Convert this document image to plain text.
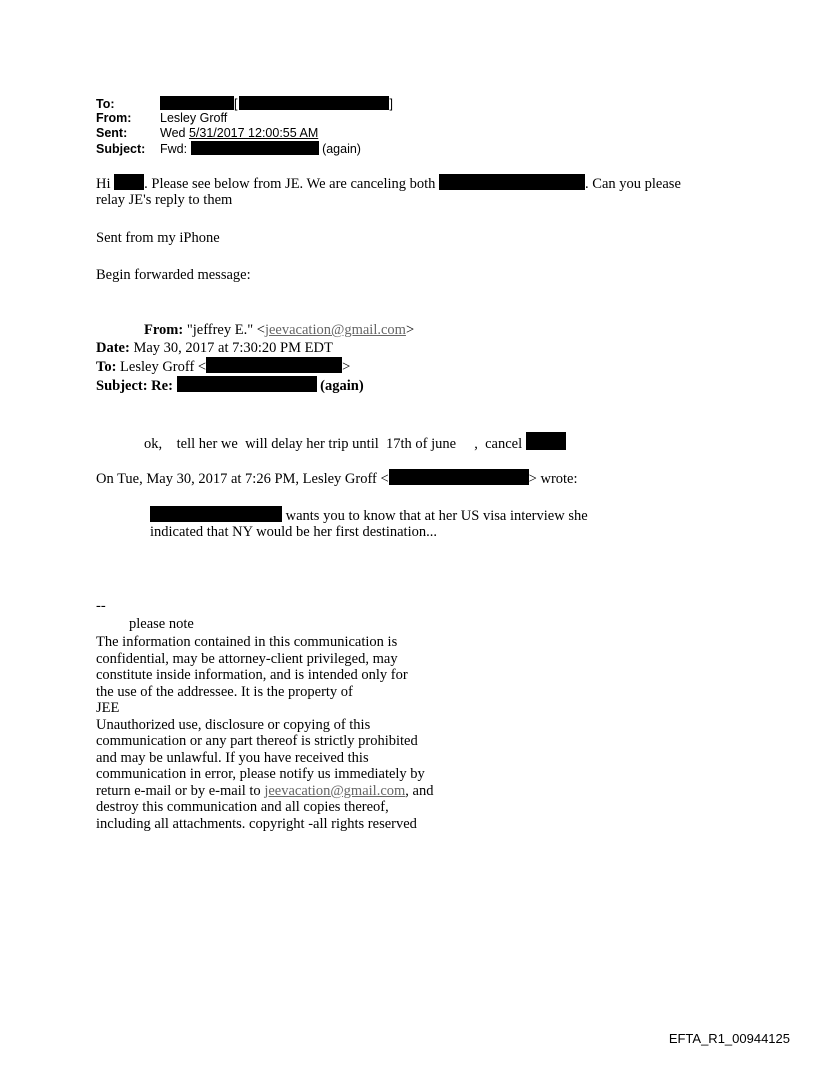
To:	[	]
From: Lesley Groff
Sent:	Wed 5/31/2017 12:00:55 AM
Subject: Fwd:	(again)
Hi . Please see below from JE. We are canceling both	. Can you please
relay JE's reply to them
Sent from my iPhone
Begin forwarded message:
From: "jeffrey E." <jeevacation@gmail.com>
Date: May 30, 2017 at 7:30:20 PM EDT
To: Lesley Groff <	>
Subject: Re:	(again)
ok,    tell her we  will delay her trip until  17th of june     ,  cancel
On Tue, May 30, 2017 at 7:26 PM, Lesley Groff <	> wrote:
wants you to know that at her US visa interview she
indicated that NY would be her first destination...
--
please note
The information contained in this communication is
confidential, may be attorney-client privileged, may
constitute inside information, and is intended only for
the use of the addressee. It is the property of
JEE
Unauthorized use, disclosure or copying of this
communication or any part thereof is strictly prohibited
and may be unlawful. If you have received this
communication in error, please notify us immediately by
return e-mail or by e-mail to jeevacation@gmail.com, and
destroy this communication and all copies thereof,
including all attachments. copyright -all rights reserved
EFTA_R1_00944125
